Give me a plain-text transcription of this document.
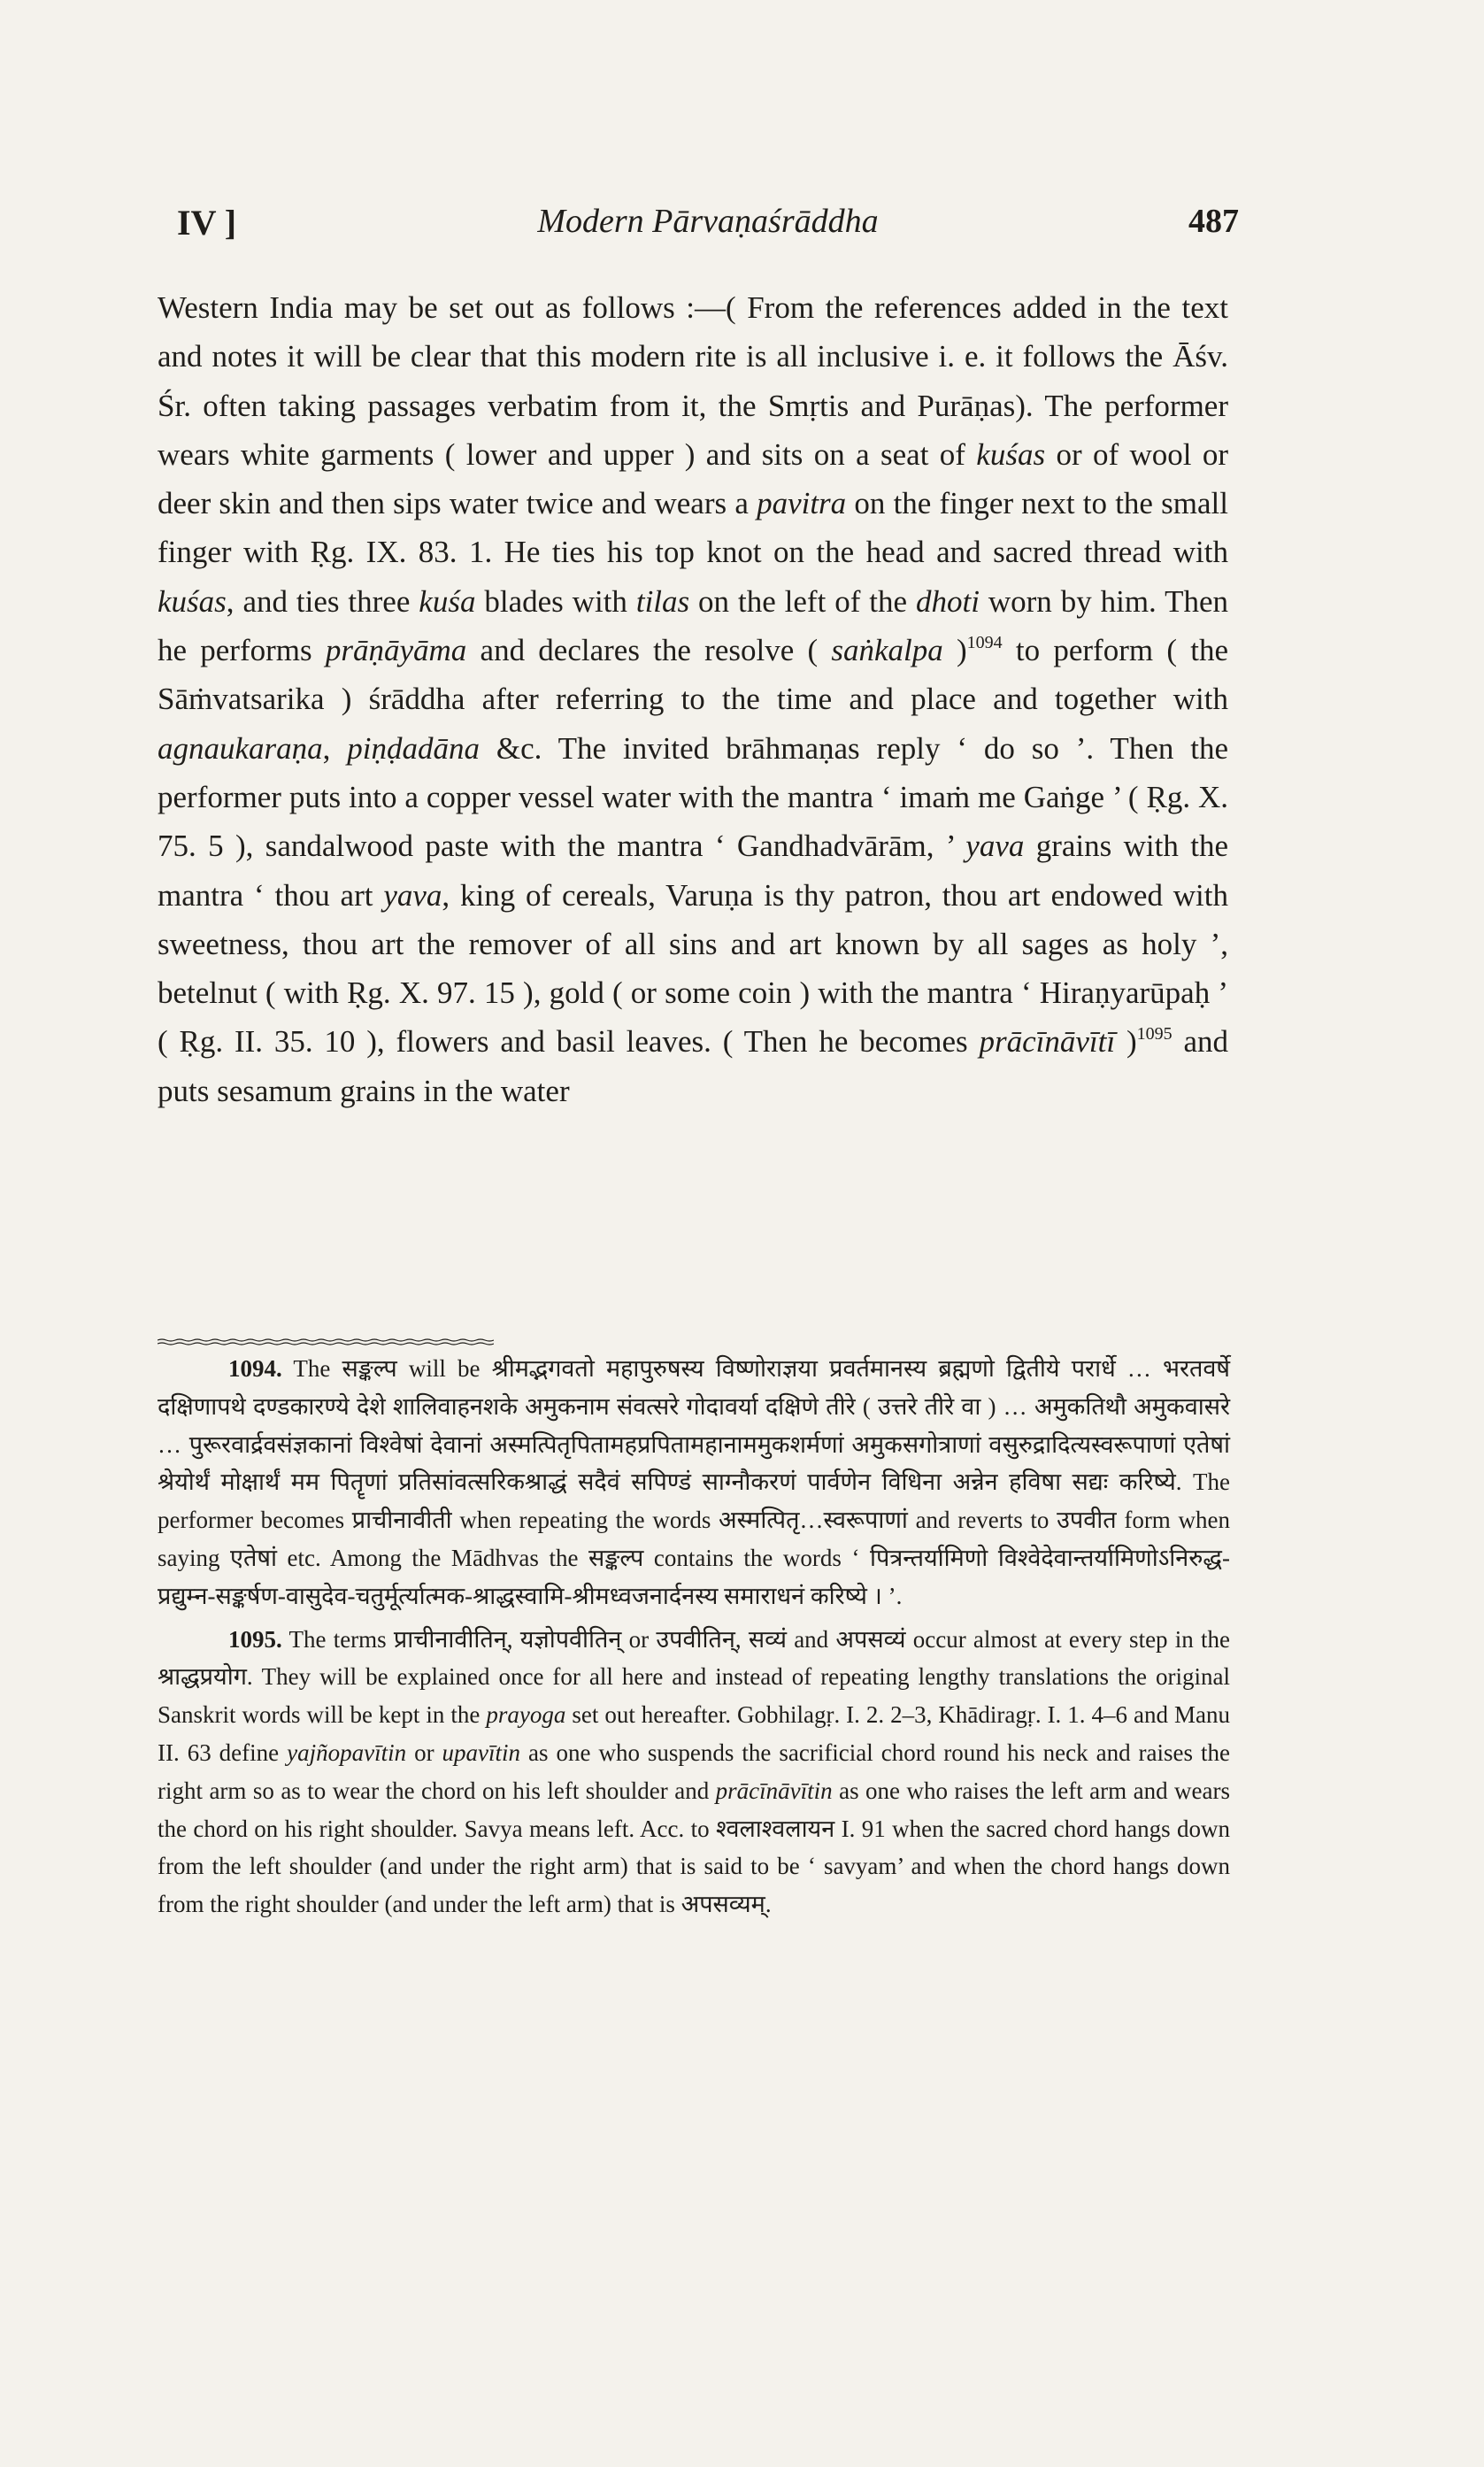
IV ]	Modern Pārvaṇaśrāddha	487
Western India may be set out as follows :—( From the references added in the text and notes it will be clear that this modern rite is all inclusive i. e. it follows the Āśv. Śr. often taking passages verbatim from it, the Smṛtis and Purāṇas). The performer wears white garments ( lower and upper ) and sits on a seat of kuśas or of wool or deer skin and then sips water twice and wears a pavitra on the finger next to the small finger with Ṛg. IX. 83. 1. He ties his top knot on the head and sacred thread with kuśas, and ties three kuśa blades with tilas on the left of the dhoti worn by him. Then he performs prāṇāyāma and declares the resolve ( saṅkalpa )$^{1094}$ to perform ( the Sāṁvatsarika ) śrāddha after referring to the time and place and together with agnaukaraṇa, piṇḍadāna &c. The invited brāhmaṇas reply ‘ do so ’. Then the performer puts into a copper vessel water with the mantra ‘ imaṁ me Gaṅge ’ ( Ṛg. X. 75. 5 ), sandalwood paste with the mantra ‘ Gandhadvārām, ’ yava grains with the mantra ‘ thou art yava, king of cereals, Varuṇa is thy patron, thou art endowed with sweetness, thou art the remover of all sins and art known by all sages as holy ’, betelnut ( with Ṛg. X. 97. 15 ), gold ( or some coin ) with the mantra ‘ Hiraṇyarūpaḥ ’ ( Ṛg. II. 35. 10 ), flowers and basil leaves. ( Then he becomes prācīnāvītī )$^{1095}$ and puts sesamum grains in the water

1094. The सङ्कल्प will be श्रीमद्भगवतो महापुरुषस्य विष्णोराज्ञया प्रवर्तमानस्य ब्रह्मणो द्वितीये परार्धे … भरतवर्षे दक्षिणापथे दण्डकारण्ये देशे शालिवाहनशके अमुकनाम संवत्सरे गोदावर्या दक्षिणे तीरे ( उत्तरे तीरे वा ) … अमुकतिथौ अमुकवासरे … पुरूरवार्द्रवसंज्ञकानां विश्वेषां देवानां अस्मत्पितृपितामहप्रपितामहानाममुकशर्मणां अमुकसगोत्राणां वसुरुद्रादित्यस्वरूपाणां एतेषां श्रेयोर्थं मोक्षार्थं मम पितॄणां प्रतिसांवत्सरिकश्राद्धं सदैवं सपिण्डं साग्नौकरणं पार्वणेन विधिना अन्नेन हविषा सद्यः करिष्ये. The performer becomes प्राचीनावीती when repeating the words अस्मत्पितृ…स्वरूपाणां and reverts to उपवीत form when saying एतेषां etc. Among the Mādhvas the सङ्कल्प contains the words ‘ पित्रन्तर्यामिणो विश्वेदेवान्तर्यामिणोऽनिरुद्ध-प्रद्युम्न-सङ्कर्षण-वासुदेव-चतुर्मूर्त्यात्मक-श्राद्धस्वामि-श्रीमध्वजनार्दनस्य समाराधनं करिष्ये । ’.

1095. The terms प्राचीनावीतिन्, यज्ञोपवीतिन् or उपवीतिन्, सव्यं and अपसव्यं occur almost at every step in the श्राद्धप्रयोग. They will be explained once for all here and instead of repeating lengthy translations the original Sanskrit words will be kept in the prayoga set out hereafter. Gobhilagṛ. I. 2. 2–3, Khādiragṛ. I. 1. 4–6 and Manu II. 63 define yajñopavītin or upavītin as one who suspends the sacrificial chord round his neck and raises the right arm so as to wear the chord on his left shoulder and prācīnāvītin as one who raises the left arm and wears the chord on his right shoulder. Savya means left. Acc. to श्वलाश्वलायन I. 91 when the sacred chord hangs down from the left shoulder (and under the right arm) that is said to be ‘ savyam’ and when the chord hangs down from the right shoulder (and under the left arm) that is अपसव्यम्.
